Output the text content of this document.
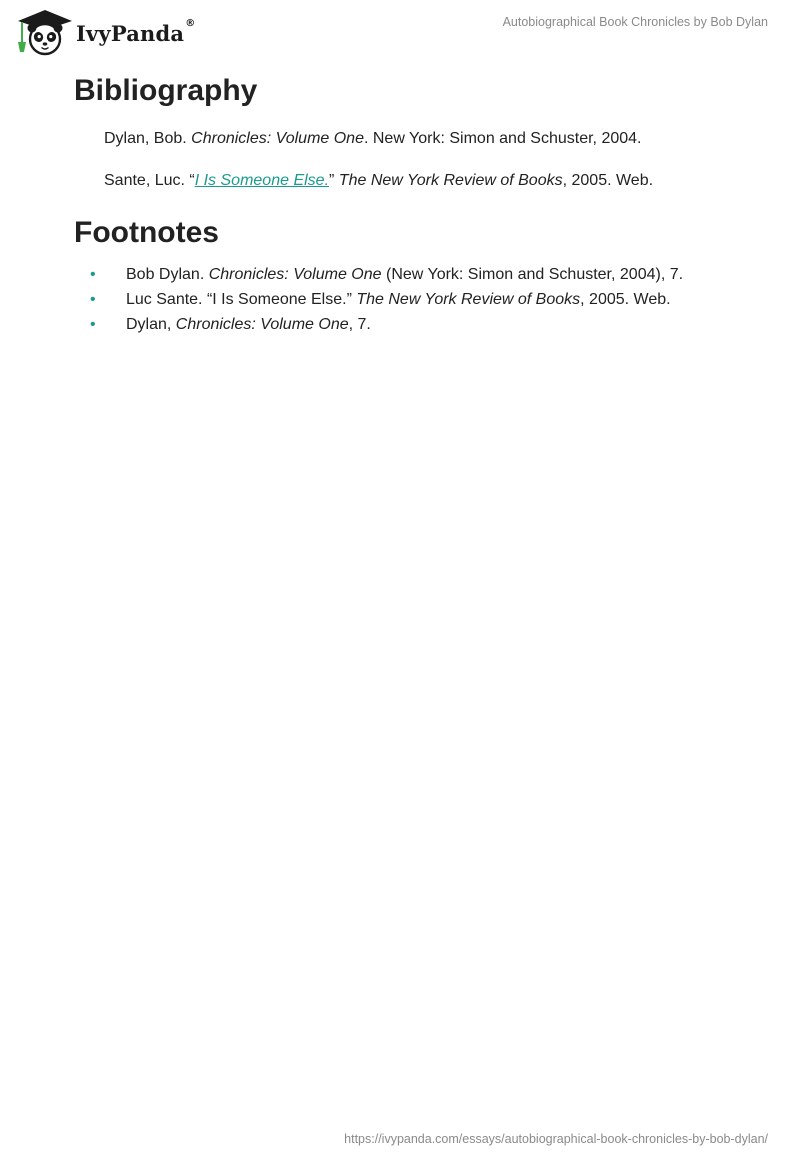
IvyPanda ®	Autobiographical Book Chronicles by Bob Dylan
Bibliography

Dylan, Bob. Chronicles: Volume One. New York: Simon and Schuster, 2004.

Sante, Luc. “I Is Someone Else.” The New York Review of Books, 2005. Web.

Footnotes
• Bob Dylan. Chronicles: Volume One (New York: Simon and Schuster, 2004), 7.
• Luc Sante. “I Is Someone Else.” The New York Review of Books, 2005. Web.
• Dylan, Chronicles: Volume One, 7.
https://ivypanda.com/essays/autobiographical-book-chronicles-by-bob-dylan/
